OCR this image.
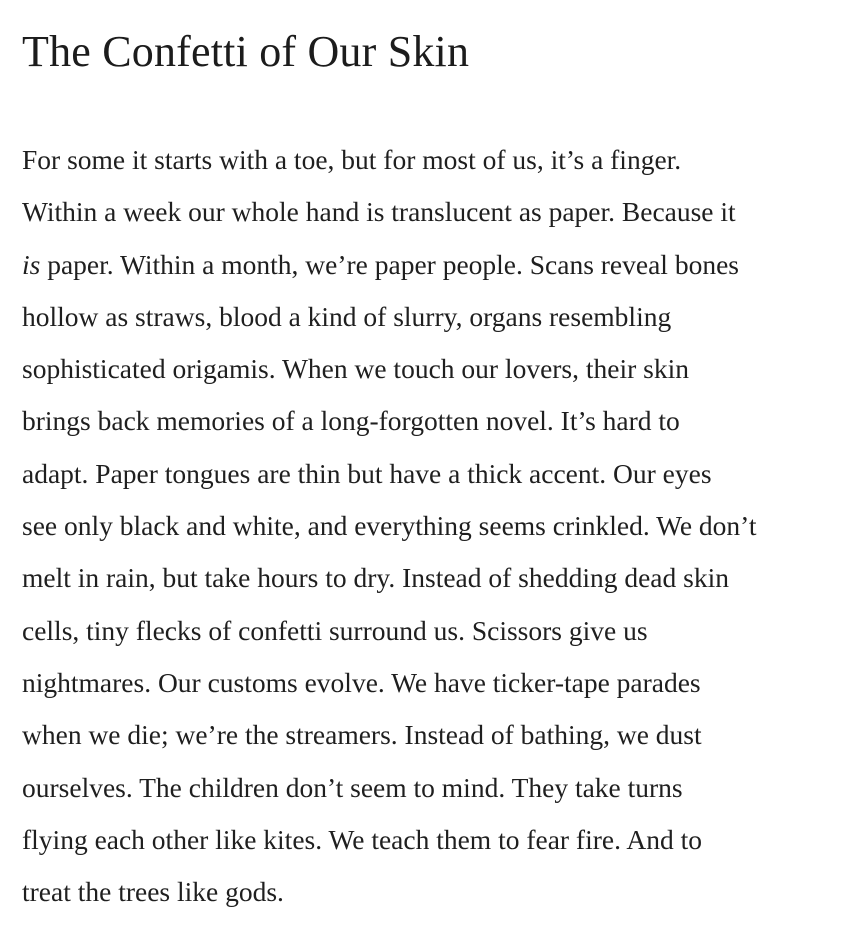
The Confetti of Our Skin
For some it starts with a toe, but for most of us, it’s a finger.
Within a week our whole hand is translucent as paper. Because it
is paper. Within a month, we’re paper people. Scans reveal bones
hollow as straws, blood a kind of slurry, organs resembling
sophisticated origamis. When we touch our lovers, their skin
brings back memories of a long-forgotten novel. It’s hard to
adapt. Paper tongues are thin but have a thick accent. Our eyes
see only black and white, and everything seems crinkled. We don’t
melt in rain, but take hours to dry. Instead of shedding dead skin
cells, tiny flecks of confetti surround us. Scissors give us
nightmares. Our customs evolve. We have ticker-tape parades
when we die; we’re the streamers. Instead of bathing, we dust
ourselves. The children don’t seem to mind. They take turns
flying each other like kites. We teach them to fear fire. And to
treat the trees like gods.
